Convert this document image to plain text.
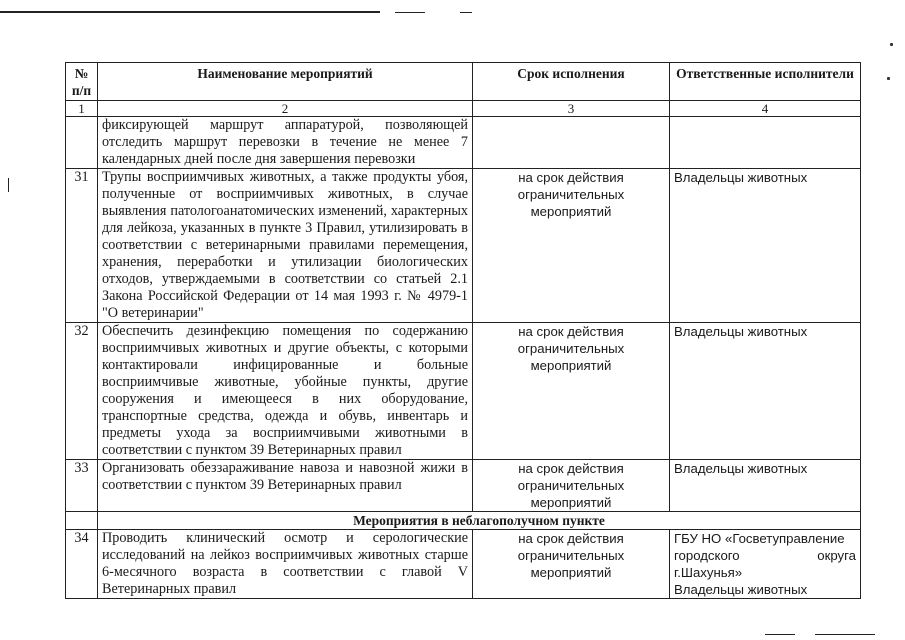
№ п/п	Наименование мероприятий	Срок исполнения	Ответственные исполнители
1	2	3	4
	фиксирующей маршрут аппаратурой, позволяющей отследить маршрут перевозки в течение не менее 7 календарных дней после дня завершения перевозки		
31	Трупы восприимчивых животных, а также продукты убоя, полученные от восприимчивых животных, в случае выявления патологоанатомических изменений, характерных для лейкоза, указанных в пункте 3 Правил, утилизировать в соответствии с ветеринарными правилами перемещения, хранения, переработки и утилизации биологических отходов, утверждаемыми в соответствии со статьей 2.1 Закона Российской Федерации от 14 мая 1993 г. № 4979-1 "О ветеринарии"	на срок действия ограничительных мероприятий	Владельцы животных
32	Обеспечить дезинфекцию помещения по содержанию восприимчивых животных и другие объекты, с которыми контактировали инфицированные и больные восприимчивые животные, убойные пункты, другие сооружения и имеющееся в них оборудование, транспортные средства, одежда и обувь, инвентарь и предметы ухода за восприимчивыми животными в соответствии с пунктом 39 Ветеринарных правил	на срок действия ограничительных мероприятий	Владельцы животных
33	Организовать обеззараживание навоза и навозной жижи в соответствии с пунктом 39 Ветеринарных правил	на срок действия ограничительных мероприятий	Владельцы животных
	Мероприятия в неблагополучном пункте		
34	Проводить клинический осмотр и серологические исследований на лейкоз восприимчивых животных старше 6-месячного возраста в соответствии с главой V Ветеринарных правил	на срок действия ограничительных мероприятий	ГБУ НО «Госветуправление
городского округа
г.Шахунья»
Владельцы животных
